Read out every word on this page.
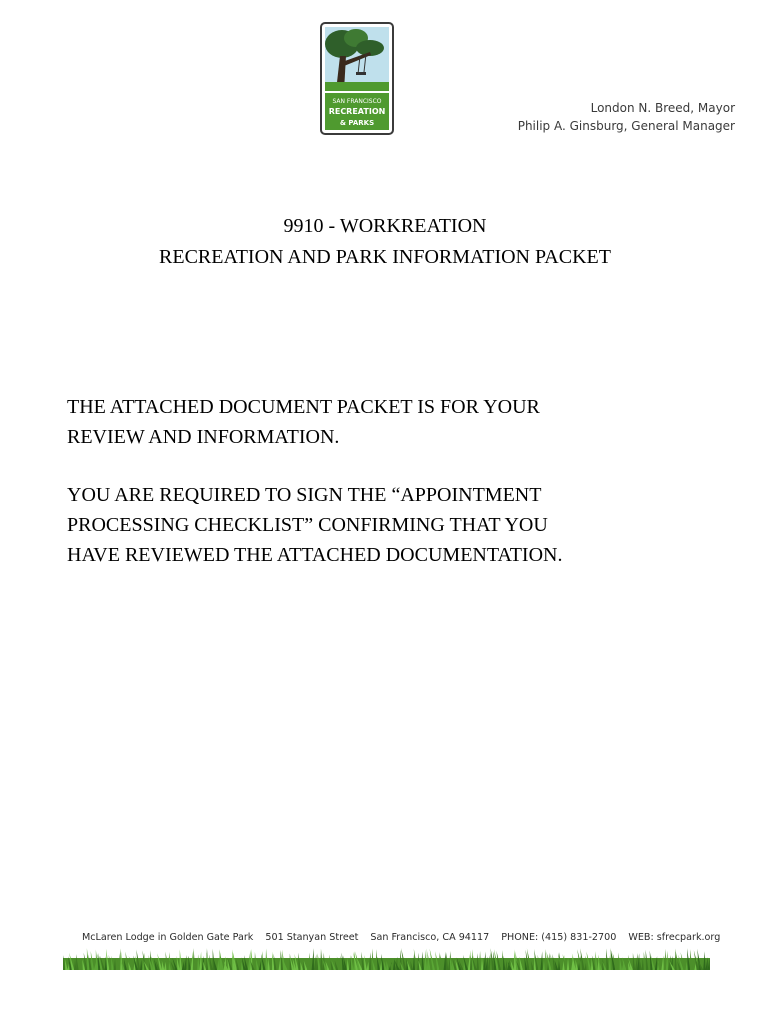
SAN FRANCISCO
RECREATION
& PARKS
London N. Breed, Mayor
Philip A. Ginsburg, General Manager
9910 - WORKREATION
RECREATION AND PARK INFORMATION PACKET
THE ATTACHED DOCUMENT PACKET IS FOR YOUR
REVIEW AND INFORMATION.
YOU ARE REQUIRED TO SIGN THE “APPOINTMENT
PROCESSING CHECKLIST” CONFIRMING THAT YOU
HAVE REVIEWED THE ATTACHED DOCUMENTATION.
McLaren Lodge in Golden Gate Park 501 Stanyan Street San Francisco, CA 94117 PHONE: (415) 831-2700 WEB: sfrecpark.org
